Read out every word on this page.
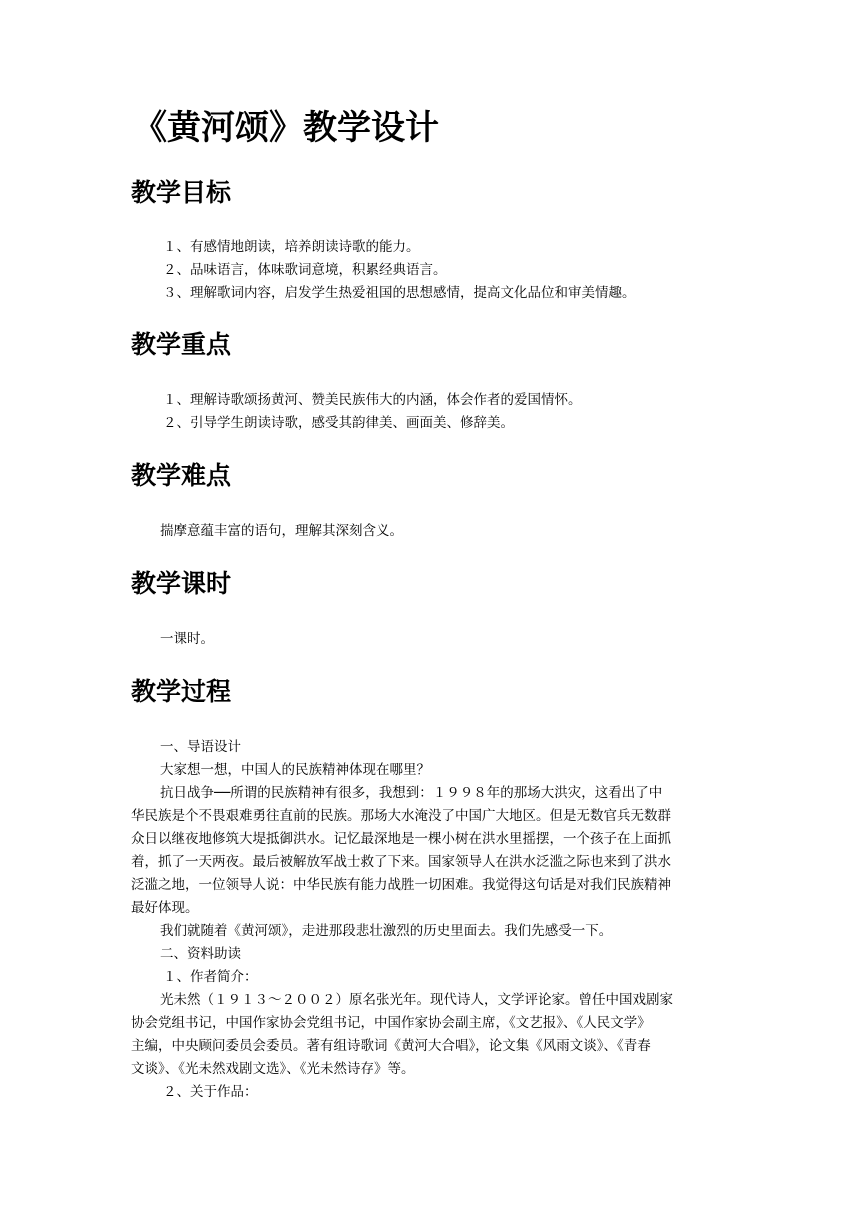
《黄河颂》教学设计
教学目标

１、有感情地朗读，培养朗读诗歌的能力。

２、品味语言，体味歌词意境，积累经典语言。

３、理解歌词内容，启发学生热爱祖国的思想感情，提高文化品位和审美情趣。

教学重点

１、理解诗歌颂扬黄河、赞美民族伟大的内涵，体会作者的爱国情怀。

２、引导学生朗读诗歌，感受其韵律美、画面美、修辞美。

教学难点

揣摩意蕴丰富的语句，理解其深刻含义。

教学课时

一课时。

教学过程

一、导语设计

大家想一想，中国人的民族精神体现在哪里？

抗日战争──所谓的民族精神有很多，我想到：１９９８年的那场大洪灾，这看出了中

华民族是个不畏艰难勇往直前的民族。那场大水淹没了中国广大地区。但是无数官兵无数群

众日以继夜地修筑大堤抵御洪水。记忆最深地是一棵小树在洪水里摇摆，一个孩子在上面抓

着，抓了一天两夜。最后被解放军战士救了下来。国家领导人在洪水泛滥之际也来到了洪水

泛滥之地，一位领导人说：中华民族有能力战胜一切困难。我觉得这句话是对我们民族精神

最好体现。

我们就随着《黄河颂》，走进那段悲壮激烈的历史里面去。我们先感受一下。

二、资料助读

１、作者简介：

光未然（１９１３～２００２）原名张光年。现代诗人，文学评论家。曾任中国戏剧家

协会党组书记，中国作家协会党组书记，中国作家协会副主席，《文艺报》、《人民文学》

主编，中央顾问委员会委员。著有组诗歌词《黄河大合唱》，论文集《风雨文谈》、《青春

文谈》、《光未然戏剧文选》、《光未然诗存》等。

２、关于作品：
